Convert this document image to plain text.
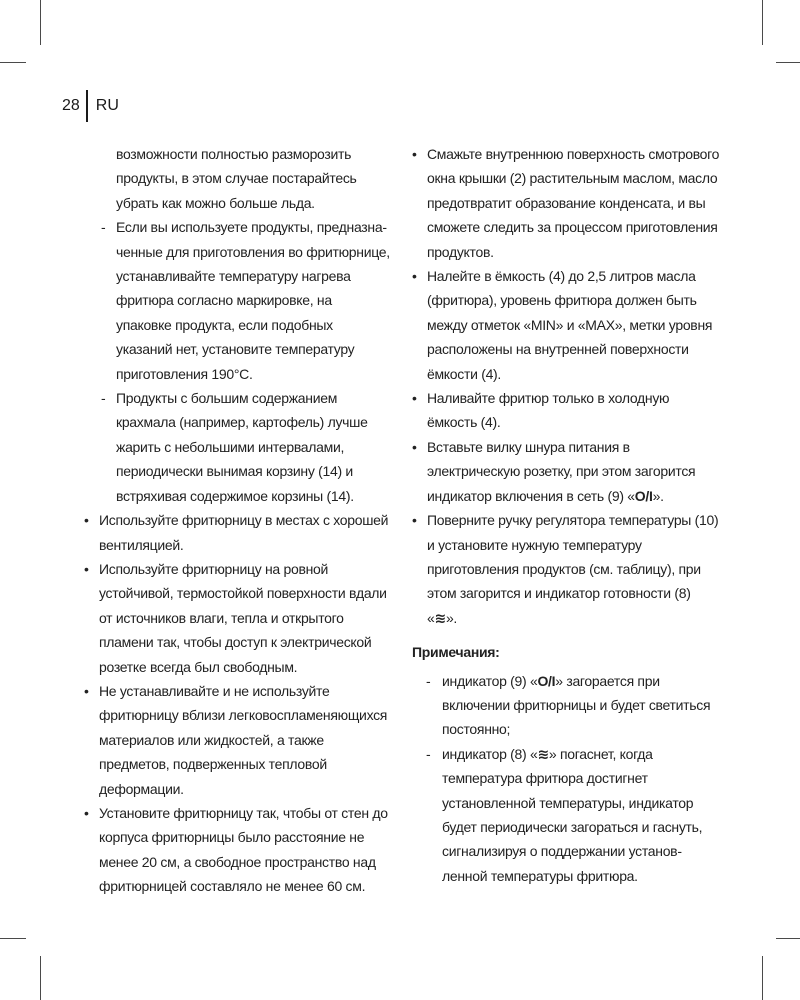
28 RU

возможности полностью разморозить продукты, в этом случае постарайтесь убрать как можно больше льда.

- Если вы используете продукты, предназначенные для приготовления во фритюрнице, устанавливайте температуру нагрева фритюра согласно маркировке, на упаковке продукта, если подобных указаний нет, установите температуру приготовления 190°С.
- Продукты с большим содержанием крахмала (например, картофель) лучше жарить с небольшими интервалами, периодически вынимая корзину (14) и встряхивая содержимое корзины (14).
• Используйте фритюрницу в местах с хорошей вентиляцией.
• Используйте фритюрницу на ровной устойчивой, термостойкой поверхности вдали от источников влаги, тепла и открытого пламени так, чтобы доступ к электрической розетке всегда был свободным.
• Не устанавливайте и не используйте фритюрницу вблизи легковоспламеняющихся материалов или жидкостей, а также предметов, подверженных тепловой деформации.
• Установите фритюрницу так, чтобы от стен до корпуса фритюрницы было расстояние не менее 20 см, а свободное пространство над фритюрницей составляло не менее 60 см.
• Смажьте внутреннюю поверхность смотрового окна крышки (2) растительным маслом, масло предотвратит образование конденсата, и вы сможете следить за процессом приготовления продуктов.
• Налейте в ёмкость (4) до 2,5 литров масла (фритюра), уровень фритюра должен быть между отметок «MIN» и «MAX», метки уровня расположены на внутренней поверхности ёмкости (4).
• Наливайте фритюр только в холодную ёмкость (4).
• Вставьте вилку шнура питания в электрическую розетку, при этом загорится индикатор включения в сеть (9) «O/I».
• Поверните ручку регулятора температуры (10) и установите нужную температуру приготовления продуктов (см. таблицу), при этом загорится и индикатор готовности (8) «≋».

Примечания:

- индикатор (9) «O/I» загорается при включении фритюрницы и будет светиться постоянно;
- индикатор (8) «≋» погаснет, когда температура фритюра достигнет установленной температуры, индикатор будет периодически загораться и гаснуть, сигнализируя о поддержании установленной температуры фритюра.
